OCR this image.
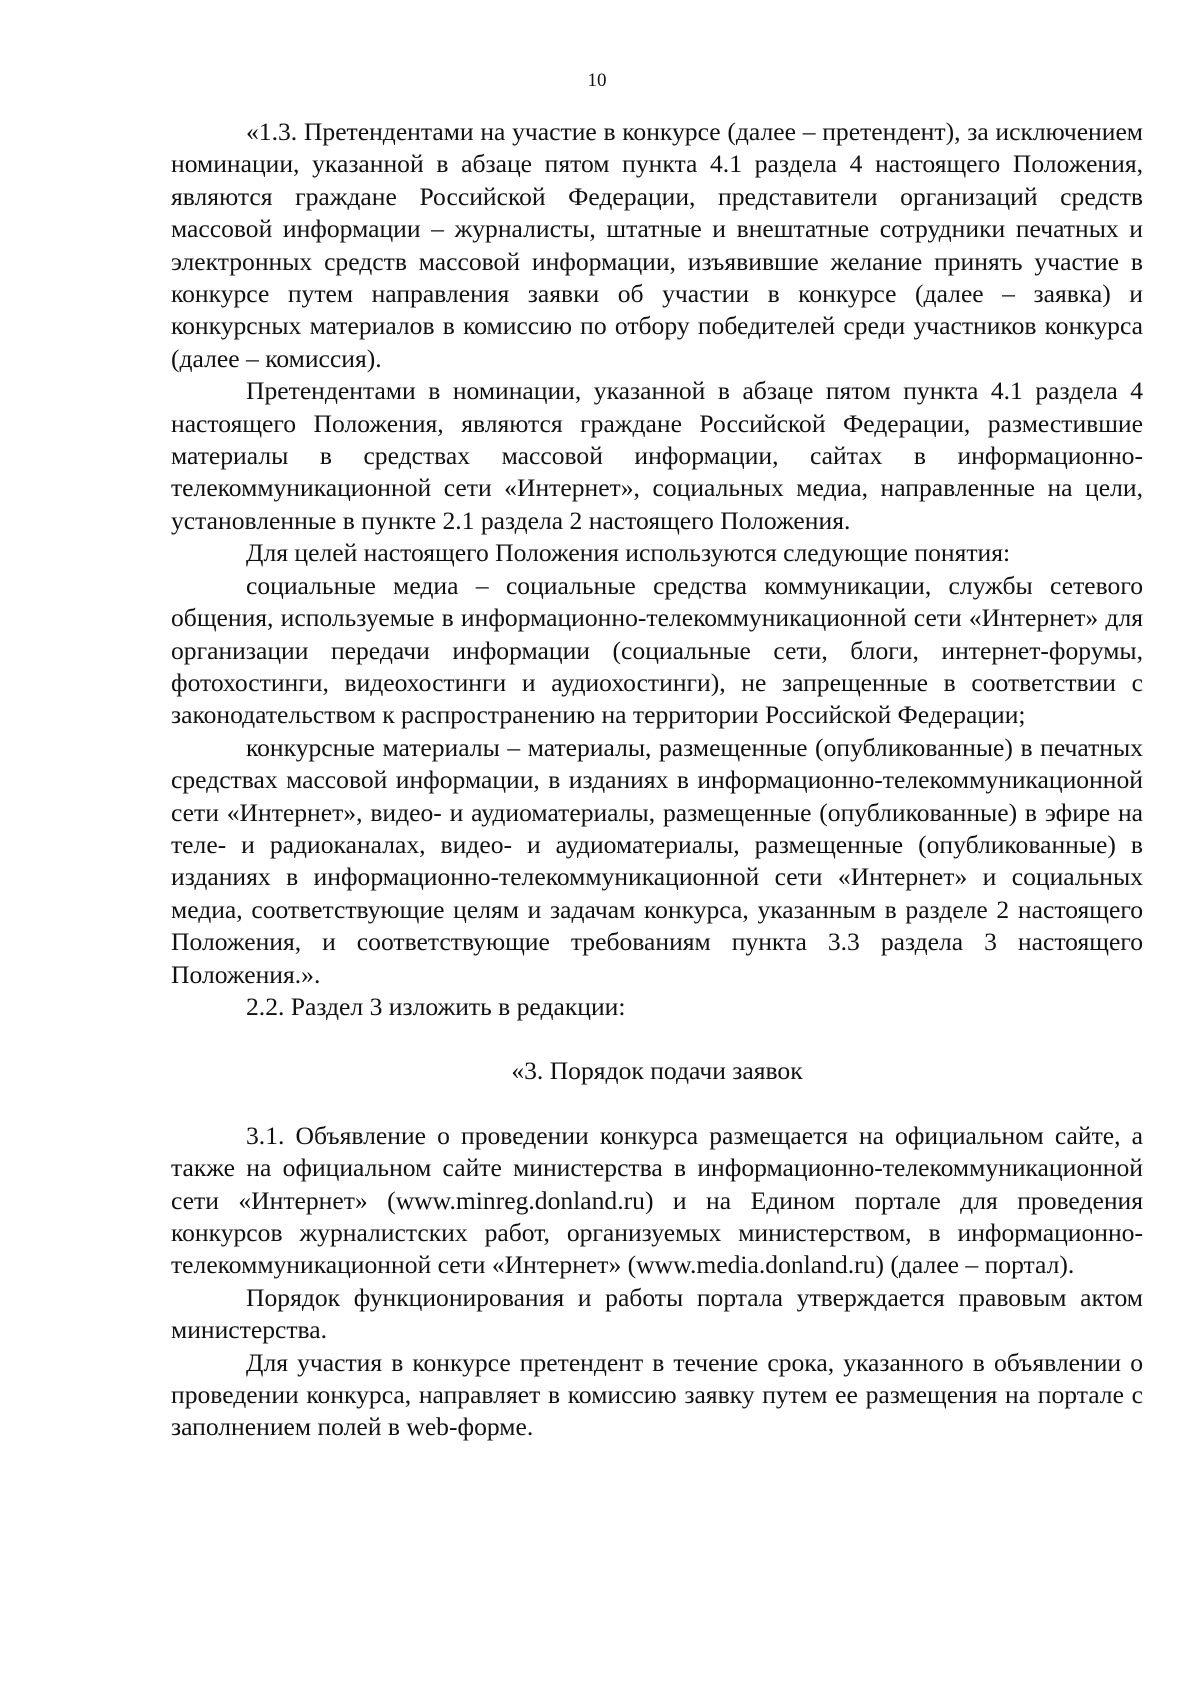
10

«1.3. Претендентами на участие в конкурсе (далее – претендент), за исключением номинации, указанной в абзаце пятом пункта 4.1 раздела 4 настоящего Положения, являются граждане Российской Федерации, представители организаций средств массовой информации – журналисты, штатные и внештатные сотрудники печатных и электронных средств массовой информации, изъявившие желание принять участие в конкурсе путем направления заявки об участии в конкурсе (далее – заявка) и конкурсных материалов в комиссию по отбору победителей среди участников конкурса (далее – комиссия).

Претендентами в номинации, указанной в абзаце пятом пункта 4.1 раздела 4 настоящего Положения, являются граждане Российской Федерации, разместившие материалы в средствах массовой информации, сайтах в информационно-телекоммуникационной сети «Интернет», социальных медиа, направленные на цели, установленные в пункте 2.1 раздела 2 настоящего Положения.

Для целей настоящего Положения используются следующие понятия:

социальные медиа – социальные средства коммуникации, службы сетевого общения, используемые в информационно-телекоммуникационной сети «Интернет» для организации передачи информации (социальные сети, блоги, интернет-форумы, фотохостинги, видеохостинги и аудиохостинги), не запрещенные в соответствии с законодательством к распространению на территории Российской Федерации;

конкурсные материалы – материалы, размещенные (опубликованные) в печатных средствах массовой информации, в изданиях в информационно-телекоммуникационной сети «Интернет», видео- и аудиоматериалы, размещенные (опубликованные) в эфире на теле- и радиоканалах, видео- и аудиоматериалы, размещенные (опубликованные) в изданиях в информационно-телекоммуникационной сети «Интернет» и социальных медиа, соответствующие целям и задачам конкурса, указанным в разделе 2 настоящего Положения, и соответствующие требованиям пункта 3.3 раздела 3 настоящего Положения.».

2.2. Раздел 3 изложить в редакции:

«3. Порядок подачи заявок

3.1. Объявление о проведении конкурса размещается на официальном сайте, а также на официальном сайте министерства в информационно-телекоммуникационной сети «Интернет» (www.minreg.donland.ru) и на Едином портале для проведения конкурсов журналистских работ, организуемых министерством, в информационно-телекоммуникационной сети «Интернет» (www.media.donland.ru) (далее – портал).

Порядок функционирования и работы портала утверждается правовым актом министерства.

Для участия в конкурсе претендент в течение срока, указанного в объявлении о проведении конкурса, направляет в комиссию заявку путем ее размещения на портале с заполнением полей в web-форме.
